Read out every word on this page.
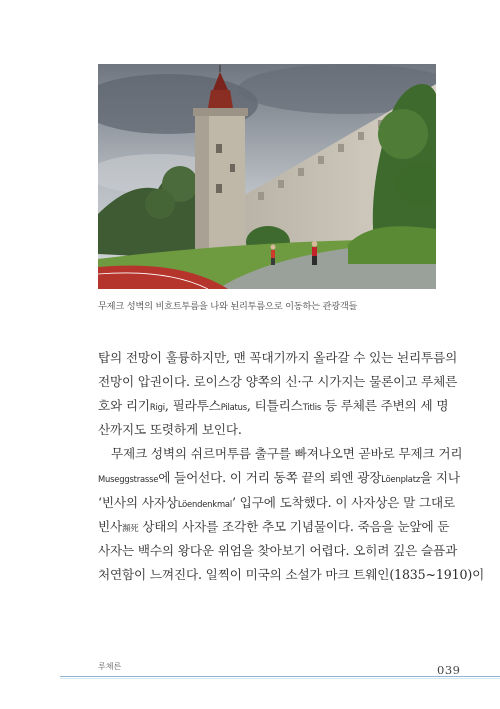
무제크 성벽의 비흐트투름을 나와 뇐리투름으로 이동하는 관광객들
탑의 전망이 훌륭하지만, 맨 꼭대기까지 올라갈 수 있는 뇐리투름의
전망이 압권이다. 로이스강 양쪽의 신·구 시가지는 물론이고 루체른
호와 리기Rigi, 필라투스Pilatus, 티틀리스Titlis 등 루체른 주변의 세 명
산까지도 또렷하게 보인다.
무제크 성벽의 쉬르머투름 출구를 빠져나오면 곧바로 무제크 거리
Museggstrasse에 들어선다. 이 거리 동쪽 끝의 뢰엔 광장Löenplatz을 지나
‘빈사의 사자상Löendenkmal’ 입구에 도착했다. 이 사자상은 말 그대로
빈사瀕死 상태의 사자를 조각한 추모 기념물이다. 죽음을 눈앞에 둔
사자는 백수의 왕다운 위엄을 찾아보기 어렵다. 오히려 깊은 슬픔과
처연함이 느껴진다. 일찍이 미국의 소설가 마크 트웨인(1835~1910)이
루체른	039
